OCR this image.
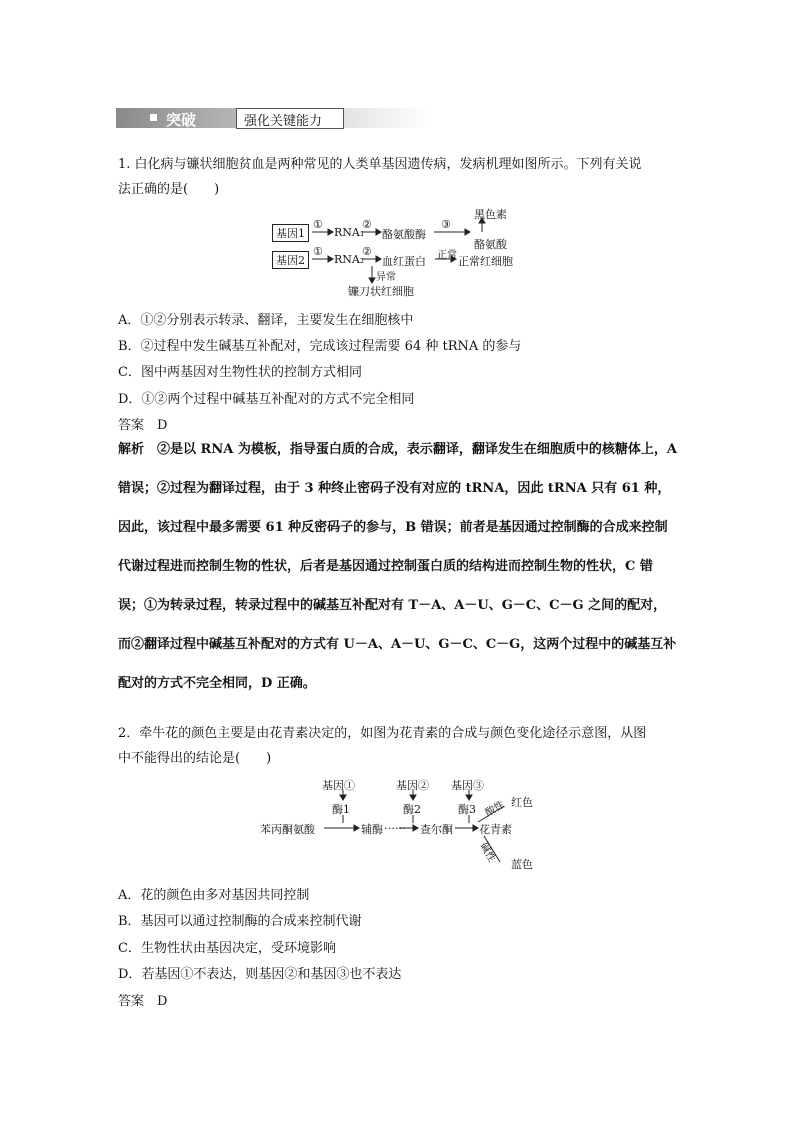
突破	强化关键能力
1. 白化病与镰状细胞贫血是两种常见的人类单基因遗传病，发病机理如图所示。下列有关说
法正确的是(　　)
基因1
①
RNA₁
②
酪氨酸酶
③
黑色素
酪氨酸
基因2
①
RNA₂
②
血红蛋白 正常 正常红细胞
异常
镰刀状红细胞
A．①②分别表示转录、翻译，主要发生在细胞核中
B．②过程中发生碱基互补配对，完成该过程需要 64 种 tRNA 的参与
C．图中两基因对生物性状的控制方式相同
D．①②两个过程中碱基互补配对的方式不完全相同
答案　D
解析　②是以 RNA 为模板，指导蛋白质的合成，表示翻译，翻译发生在细胞质中的核糖体上，A 错误；②过程为翻译过程，由于 3 种终止密码子没有对应的 tRNA，因此 tRNA 只有 61 种，因此，该过程中最多需要 61 种反密码子的参与，B 错误；前者是基因通过控制酶的合成来控制代谢过程进而控制生物的性状，后者是基因通过控制蛋白质的结构进而控制生物的性状，C 错误；①为转录过程，转录过程中的碱基互补配对有 T－A、A－U、G－C、C－G 之间的配对，而②翻译过程中碱基互补配对的方式有 U－A、A－U、G－C、C－G，这两个过程中的碱基互补配对的方式不完全相同，D 正确。
2．牵牛花的颜色主要是由花青素决定的，如图为花青素的合成与颜色变化途径示意图，从图
中不能得出的结论是(　　)
基因①	基因② 基因③
酶1	酶2	酶3
苯丙酮氨酸	辅酶 …… 查尔酮 花青素
酸性 红色
碱性
蓝色
A．花的颜色由多对基因共同控制
B．基因可以通过控制酶的合成来控制代谢
C．生物性状由基因决定，受环境影响
D．若基因①不表达，则基因②和基因③也不表达
答案　D
